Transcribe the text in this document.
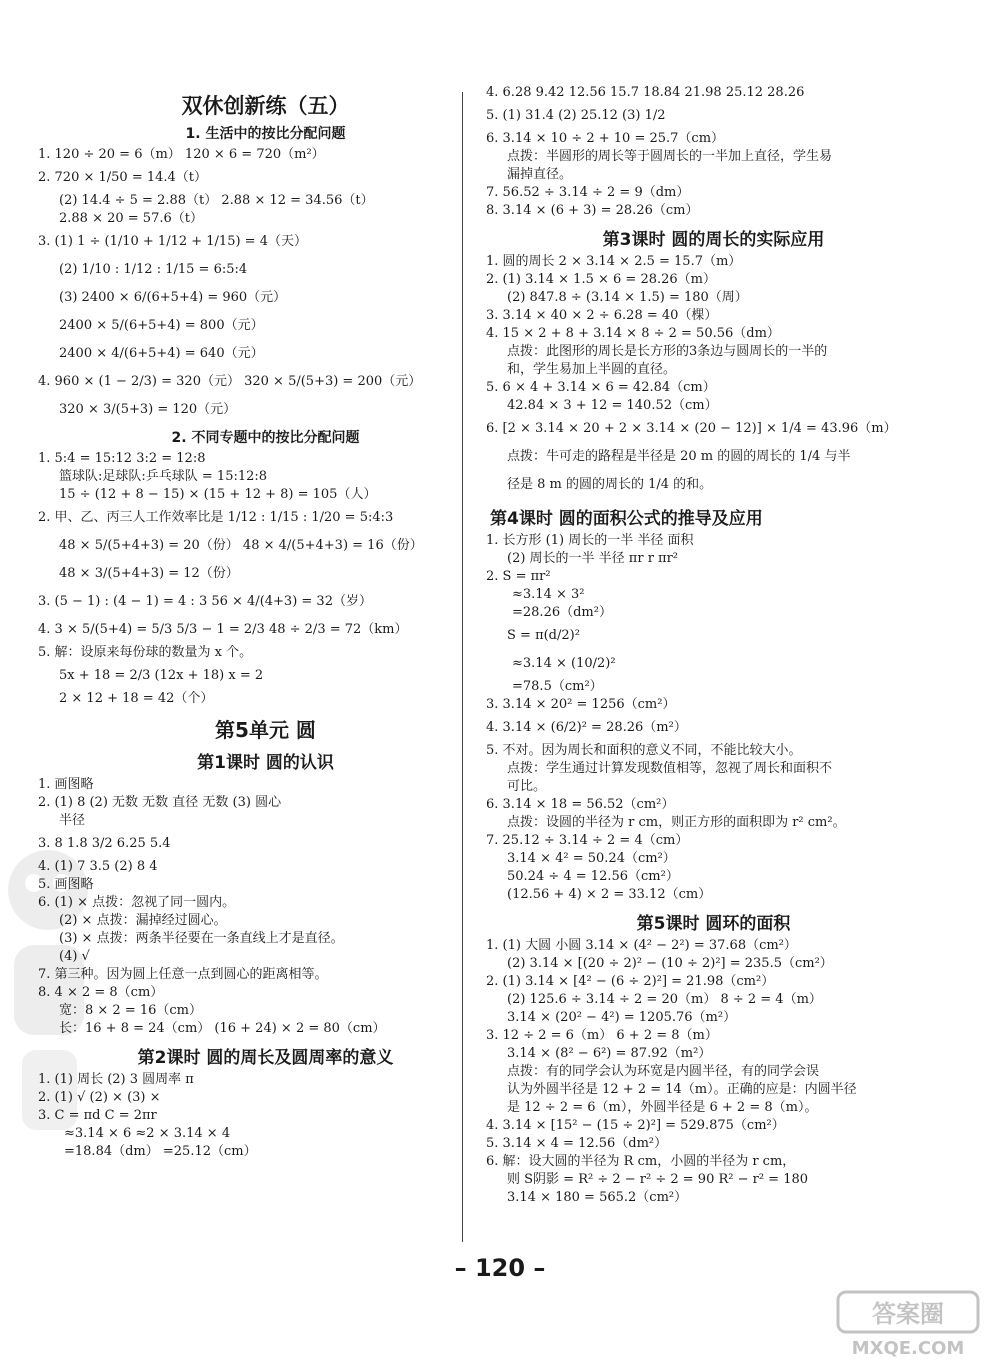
双休创新练（五）
1. 生活中的按比分配问题
1. 120 ÷ 20 = 6（m） 120 × 6 = 720（m²）
2. 720 × 1/50 = 14.4（t）
(2) 14.4 ÷ 5 = 2.88（t） 2.88 × 12 = 34.56（t）
2.88 × 20 = 57.6（t）
3. (1) 1 ÷ (1/10 + 1/12 + 1/15) = 4（天）
(2) 1/10 : 1/12 : 1/15 = 6:5:4
(3) 2400 × 6/(6+5+4) = 960（元）
2400 × 5/(6+5+4) = 800（元）
2400 × 4/(6+5+4) = 640（元）
4. 960 × (1 − 2/3) = 320（元） 320 × 5/(5+3) = 200（元）
320 × 3/(5+3) = 120（元）
2. 不同专题中的按比分配问题
1. 5:4 = 15:12 3:2 = 12:8
篮球队:足球队:乒乓球队 = 15:12:8
15 ÷ (12 + 8 − 15) × (15 + 12 + 8) = 105（人）
2. 甲、乙、丙三人工作效率比是 1/12 : 1/15 : 1/20 = 5:4:3
48 × 5/(5+4+3) = 20（份） 48 × 4/(5+4+3) = 16（份）
48 × 3/(5+4+3) = 12（份）
3. (5 − 1) : (4 − 1) = 4 : 3 56 × 4/(4+3) = 32（岁）
4. 3 × 5/(5+4) = 5/3 5/3 − 1 = 2/3 48 ÷ 2/3 = 72（km）
5. 解：设原来每份球的数量为 x 个。
5x + 18 = 2/3 (12x + 18) x = 2
2 × 12 + 18 = 42（个）
第5单元 圆
第1课时 圆的认识
1. 画图略
2. (1) 8 (2) 无数 无数 直径 无数 (3) 圆心
半径
3. 8 1.8 3/2 6.25 5.4
4. (1) 7 3.5 (2) 8 4
5. 画图略
6. (1) × 点拨：忽视了同一圆内。
(2) × 点拨：漏掉经过圆心。
(3) × 点拨：两条半径要在一条直线上才是直径。
(4) √
7. 第三种。因为圆上任意一点到圆心的距离相等。
8. 4 × 2 = 8（cm）
宽：8 × 2 = 16（cm）
长：16 + 8 = 24（cm） (16 + 24) × 2 = 80（cm）
第2课时 圆的周长及圆周率的意义
1. (1) 周长 (2) 3 圆周率 π
2. (1) √ (2) × (3) ×
3. C = πd C = 2πr
≈3.14 × 6 ≈2 × 3.14 × 4
=18.84（dm） =25.12（cm）
4. 6.28 9.42 12.56 15.7 18.84 21.98 25.12 28.26
5. (1) 31.4 (2) 25.12 (3) 1/2
6. 3.14 × 10 ÷ 2 + 10 = 25.7（cm）
点拨：半圆形的周长等于圆周长的一半加上直径，学生易
漏掉直径。
7. 56.52 ÷ 3.14 ÷ 2 = 9（dm）
8. 3.14 × (6 + 3) = 28.26（cm）
第3课时 圆的周长的实际应用
1. 圆的周长 2 × 3.14 × 2.5 = 15.7（m）
2. (1) 3.14 × 1.5 × 6 = 28.26（m）
(2) 847.8 ÷ (3.14 × 1.5) = 180（周）
3. 3.14 × 40 × 2 ÷ 6.28 = 40（棵）
4. 15 × 2 + 8 + 3.14 × 8 ÷ 2 = 50.56（dm）
点拨：此图形的周长是长方形的3条边与圆周长的一半的
和，学生易加上半圆的直径。
5. 6 × 4 + 3.14 × 6 = 42.84（cm）
42.84 × 3 + 12 = 140.52（cm）
6. [2 × 3.14 × 20 + 2 × 3.14 × (20 − 12)] × 1/4 = 43.96（m）
点拨：牛可走的路程是半径是 20 m 的圆的周长的 1/4 与半
径是 8 m 的圆的周长的 1/4 的和。
第4课时 圆的面积公式的推导及应用
1. 长方形 (1) 周长的一半 半径 面积
(2) 周长的一半 半径 πr r πr²
2. S = πr²
≈3.14 × 3²
=28.26（dm²）
S = π(d/2)²
≈3.14 × (10/2)²
=78.5（cm²）
3. 3.14 × 20² = 1256（cm²）
4. 3.14 × (6/2)² = 28.26（m²）
5. 不对。因为周长和面积的意义不同，不能比较大小。
点拨：学生通过计算发现数值相等，忽视了周长和面积不
可比。
6. 3.14 × 18 = 56.52（cm²）
点拨：设圆的半径为 r cm，则正方形的面积即为 r² cm²。
7. 25.12 ÷ 3.14 ÷ 2 = 4（cm）
3.14 × 4² = 50.24（cm²）
50.24 ÷ 4 = 12.56（cm²）
(12.56 + 4) × 2 = 33.12（cm）
第5课时 圆环的面积
1. (1) 大圆 小圆 3.14 × (4² − 2²) = 37.68（cm²）
(2) 3.14 × [(20 ÷ 2)² − (10 ÷ 2)²] = 235.5（cm²）
2. (1) 3.14 × [4² − (6 ÷ 2)²] = 21.98（cm²）
(2) 125.6 ÷ 3.14 ÷ 2 = 20（m） 8 ÷ 2 = 4（m）
3.14 × (20² − 4²) = 1205.76（m²）
3. 12 ÷ 2 = 6（m） 6 + 2 = 8（m）
3.14 × (8² − 6²) = 87.92（m²）
点拨：有的同学会认为环宽是内圆半径，有的同学会误
认为外圆半径是 12 + 2 = 14（m）。正确的应是：内圆半径
是 12 ÷ 2 = 6（m），外圆半径是 6 + 2 = 8（m）。
4. 3.14 × [15² − (15 ÷ 2)²] = 529.875（cm²）
5. 3.14 × 4 = 12.56（dm²）
6. 解：设大圆的半径为 R cm，小圆的半径为 r cm，
则 S阴影 = R² ÷ 2 − r² ÷ 2 = 90 R² − r² = 180
3.14 × 180 = 565.2（cm²）
– 120 –
答案圈
MXQE.COM
